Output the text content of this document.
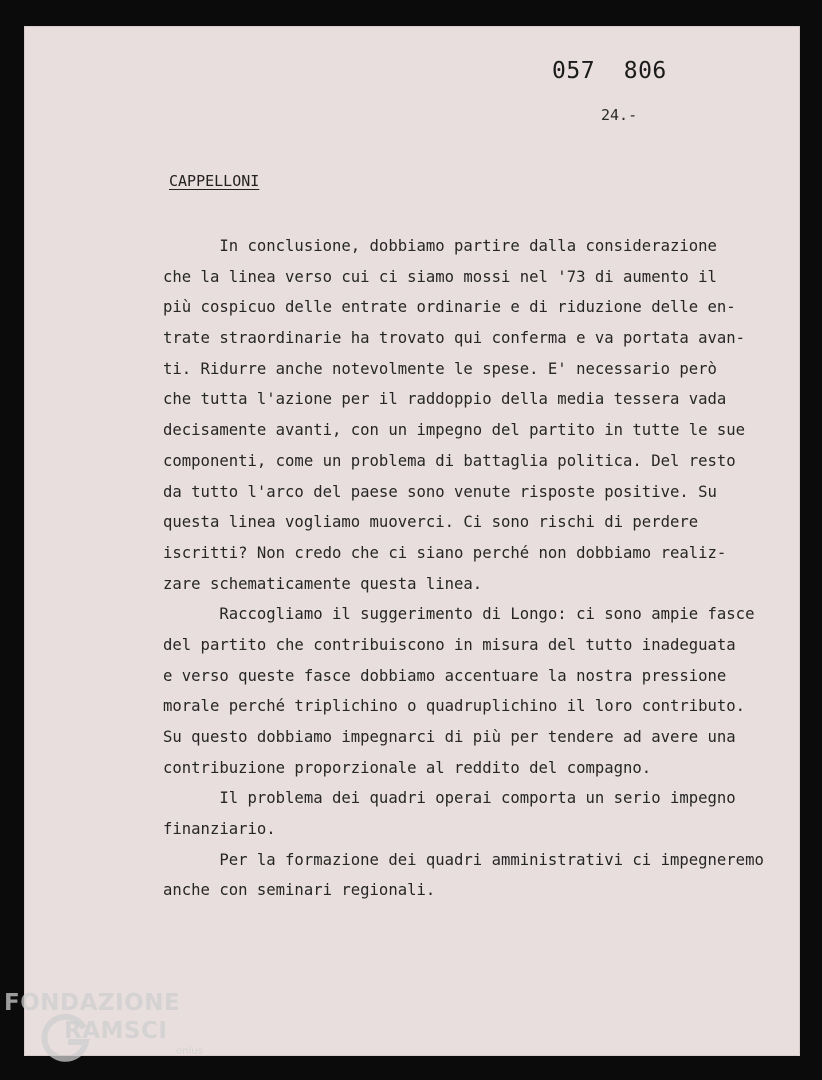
057  806
24.-
CAPPELLONI
In conclusione, dobbiamo partire dalla considerazione
che la linea verso cui ci siamo mossi nel '73 di aumento il
più cospicuo delle entrate ordinarie e di riduzione delle en-
trate straordinarie ha trovato qui conferma e va portata avan-
ti. Ridurre anche notevolmente le spese. E' necessario però
che tutta l'azione per il raddoppio della media tessera vada
decisamente avanti, con un impegno del partito in tutte le sue
componenti, come un problema di battaglia politica. Del resto
da tutto l'arco del paese sono venute risposte positive. Su
questa linea vogliamo muoverci. Ci sono rischi di perdere
iscritti? Non credo che ci siano perché non dobbiamo realiz-
zare schematicamente questa linea.
Raccogliamo il suggerimento di Longo: ci sono ampie fasce
del partito che contribuiscono in misura del tutto inadeguata
e verso queste fasce dobbiamo accentuare la nostra pressione
morale perché triplichino o quadruplichino il loro contributo.
Su questo dobbiamo impegnarci di più per tendere ad avere una
contribuzione proporzionale al reddito del compagno.
Il problema dei quadri operai comporta un serio impegno
finanziario.
Per la formazione dei quadri amministrativi ci impegneremo
anche con seminari regionali.
FONDAZIONE
RAMSCI
onlus
